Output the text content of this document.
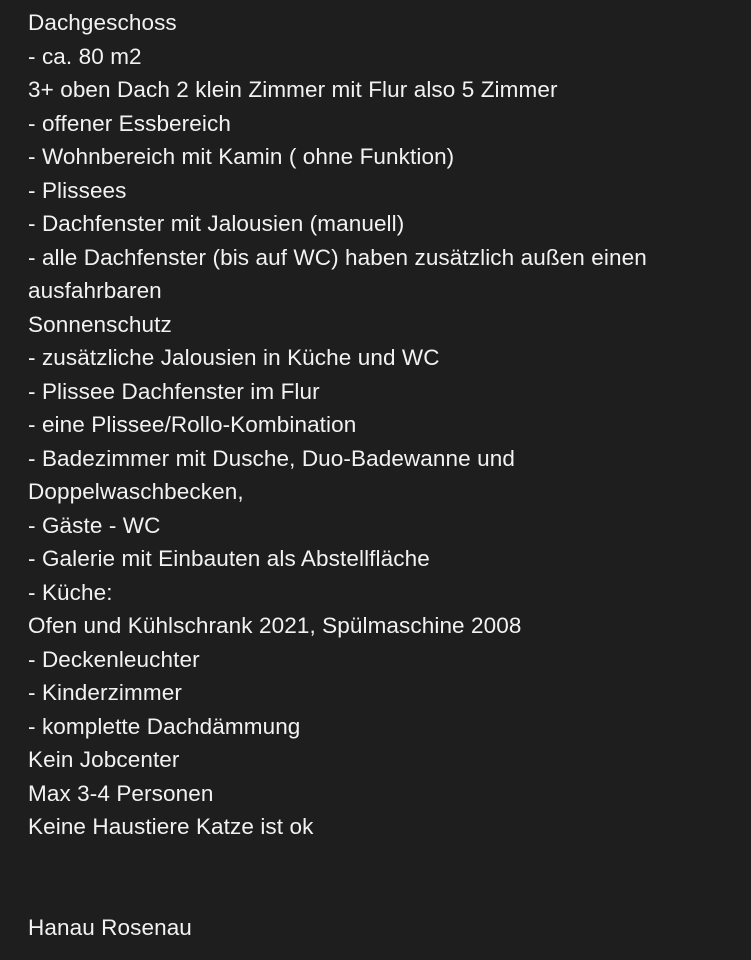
Dachgeschoss
- ca. 80 m2
3+ oben Dach 2 klein Zimmer mit Flur also 5 Zimmer
- offener Essbereich
- Wohnbereich mit Kamin ( ohne Funktion)
- Plissees
- Dachfenster mit Jalousien (manuell)
- alle Dachfenster (bis auf WC) haben zusätzlich außen einen
ausfahrbaren
Sonnenschutz
- zusätzliche Jalousien in Küche und WC
- Plissee Dachfenster im Flur
- eine Plissee/Rollo-Kombination
- Badezimmer mit Dusche, Duo-Badewanne und
Doppelwaschbecken,
- Gäste - WC
- Galerie mit Einbauten als Abstellfläche
- Küche:
Ofen und Kühlschrank 2021, Spülmaschine 2008
- Deckenleuchter
- Kinderzimmer
- komplette Dachdämmung
Kein Jobcenter
Max 3-4 Personen
Keine Haustiere Katze ist ok
Hanau Rosenau
